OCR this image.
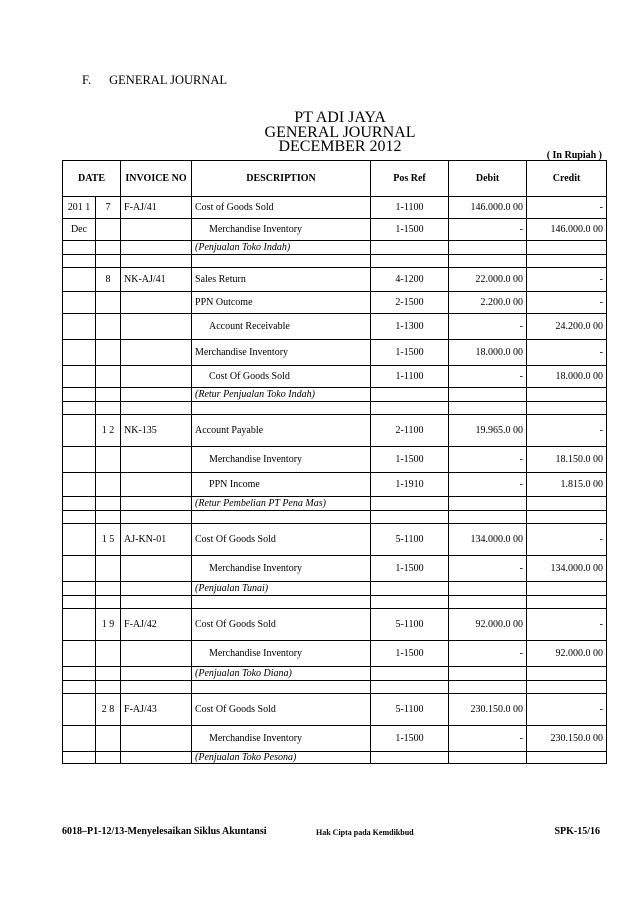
F. GENERAL JOURNAL
PT ADI JAYA
GENERAL JOURNAL
DECEMBER 2012
( In Rupiah )
DATE		INVOICE NO	DESCRIPTION	Pos Ref	Debit	Credit
201 1	7	F-AJ/41	Cost of Goods Sold	1-1100	146.000.0 00	-
Dec			Merchandise Inventory	1-1500	-	146.000.0 00
			(Penjualan Toko Indah)			

	8	NK-AJ/41	Sales Return	4-1200	22.000.0 00	-
			PPN Outcome	2-1500	2.200.0 00	-
			Account Receivable	1-1300	-	24.200.0 00
			Merchandise Inventory	1-1500	18.000.0 00	-
			Cost Of Goods Sold	1-1100	-	18.000.0 00
			(Retur Penjualan Toko Indah)			

	1 2	NK-135	Account Payable	2-1100	19.965.0 00	-
			Merchandise Inventory	1-1500	-	18.150.0 00
			PPN Income	1-1910	-	1.815.0 00
			(Retur Pembelian PT Pena Mas)			

	1 5	AJ-KN-01	Cost Of Goods Sold	5-1100	134.000.0 00	-
			Merchandise Inventory	1-1500	-	134.000.0 00
			(Penjualan Tunai)			

	1 9	F-AJ/42	Cost Of Goods Sold	5-1100	92.000.0 00	-
			Merchandise Inventory	1-1500	-	92.000.0 00
			(Penjualan Toko Diana)			

	2 8	F-AJ/43	Cost Of Goods Sold	5-1100	230.150.0 00	-
			Merchandise Inventory	1-1500	-	230.150.0 00
			(Penjualan Toko Pesona)			
6018–P1-12/13-Menyelesaikan Siklus Akuntansi	Hak Cipta pada Kemdikbud	SPK-15/16
